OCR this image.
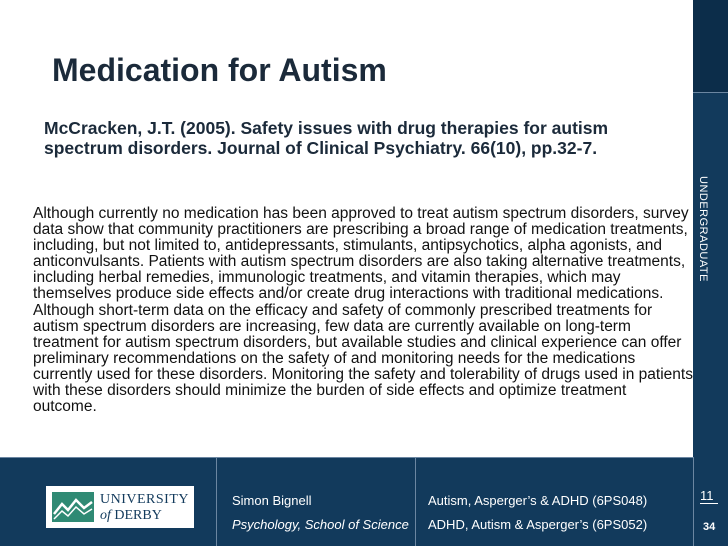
UNDERGRADUATE
Medication for Autism

McCracken, J.T. (2005). Safety issues with drug therapies for autism spectrum disorders. Journal of Clinical Psychiatry. 66(10), pp.32-7.

Although currently no medication has been approved to treat autism spectrum disorders, survey data show that community practitioners are prescribing a broad range of medication treatments, including, but not limited to, antidepressants, stimulants, antipsychotics, alpha agonists, and anticonvulsants. Patients with autism spectrum disorders are also taking alternative treatments, including herbal remedies, immunologic treatments, and vitamin therapies, which may themselves produce side effects and/or create drug interactions with traditional medications. Although short-term data on the efficacy and safety of commonly prescribed treatments for autism spectrum disorders are increasing, few data are currently available on long-term treatment for autism spectrum disorders, but available studies and clinical experience can offer preliminary recommendations on the safety of and monitoring needs for the medications currently used for these disorders. Monitoring the safety and tolerability of drugs used in patients with these disorders should minimize the burden of side effects and optimize treatment outcome.

UNIVERSITY
of DERBY
Simon Bignell
Psychology, School of Science
Autism, Asperger’s & ADHD (6PS048)
ADHD, Autism & Asperger’s (6PS052)
11
34
